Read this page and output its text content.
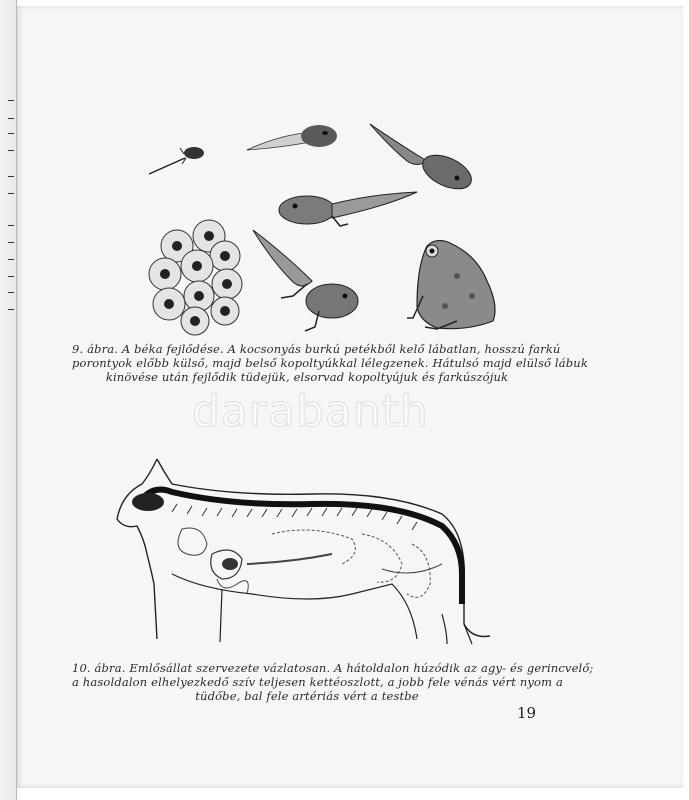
9. ábra. A béka fejlődése. A kocsonyás burkú petékből kelő lábatlan, hosszú farkú
porontyok előbb külső, majd belső kopoltyúkkal lélegzenek. Hátulsó majd elülső lábuk
kinövése után fejlődik tüdejük, elsorvad kopoltyújuk és farkúszójuk
darabanth
10. ábra. Emlősállat szervezete vázlatosan. A hátoldalon húzódik az agy- és gerincvelő;
a hasoldalon elhelyezkedő szív teljesen kettéoszlott, a jobb fele vénás vért nyom a
tüdőbe, bal fele artériás vért a testbe
19
